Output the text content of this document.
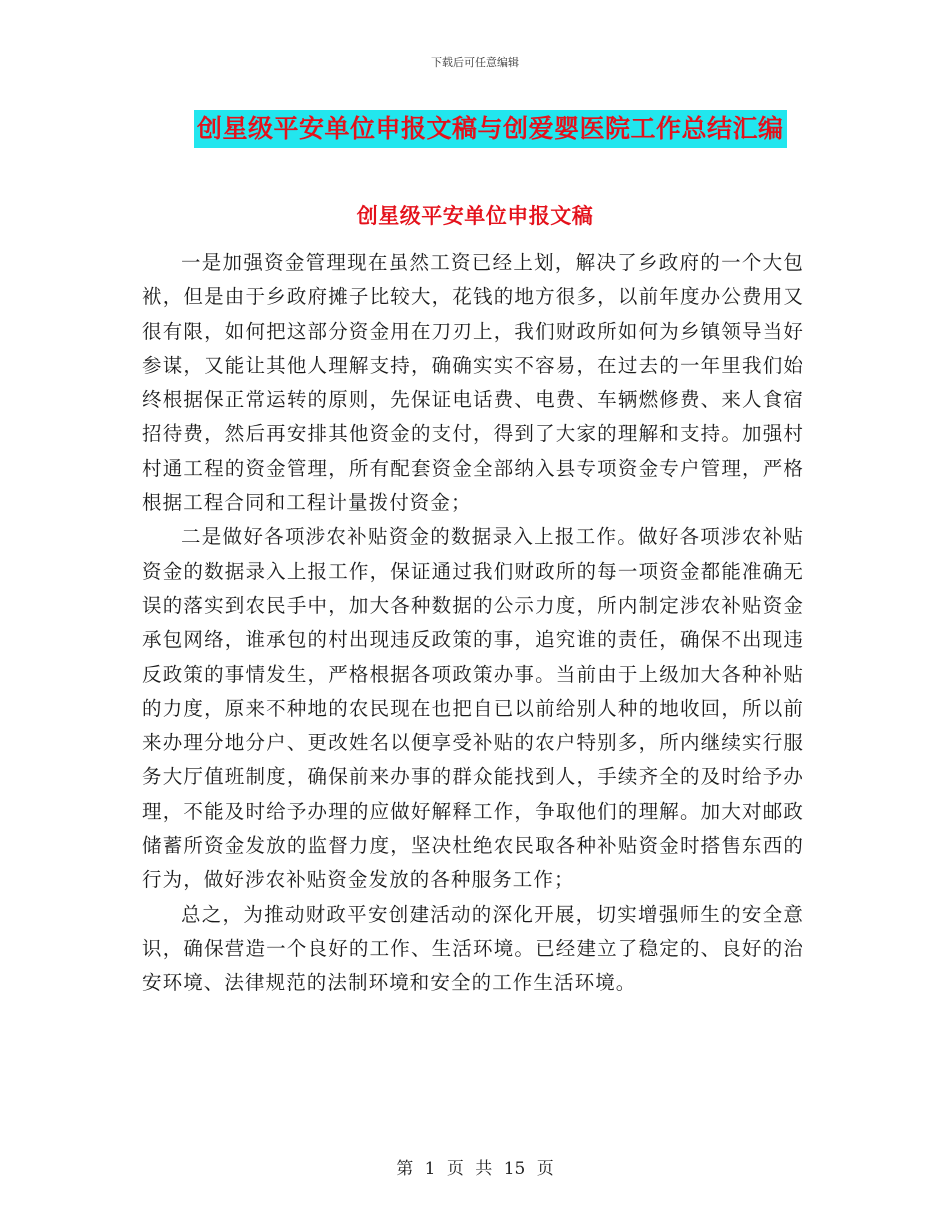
下载后可任意编辑
创星级平安单位申报文稿与创爱婴医院工作总结汇编
创星级平安单位申报文稿

一是加强资金管理现在虽然工资已经上划，解决了乡政府的一个大包袱，但是由于乡政府摊子比较大，花钱的地方很多，以前年度办公费用又很有限，如何把这部分资金用在刀刃上，我们财政所如何为乡镇领导当好参谋，又能让其他人理解支持，确确实实不容易，在过去的一年里我们始终根据保正常运转的原则，先保证电话费、电费、车辆燃修费、来人食宿招待费，然后再安排其他资金的支付，得到了大家的理解和支持。加强村村通工程的资金管理，所有配套资金全部纳入县专项资金专户管理，严格根据工程合同和工程计量拨付资金；

二是做好各项涉农补贴资金的数据录入上报工作。做好各项涉农补贴资金的数据录入上报工作，保证通过我们财政所的每一项资金都能准确无误的落实到农民手中，加大各种数据的公示力度，所内制定涉农补贴资金承包网络，谁承包的村出现违反政策的事，追究谁的责任，确保不出现违反政策的事情发生，严格根据各项政策办事。当前由于上级加大各种补贴的力度，原来不种地的农民现在也把自已以前给别人种的地收回，所以前来办理分地分户、更改姓名以便享受补贴的农户特别多，所内继续实行服务大厅值班制度，确保前来办事的群众能找到人，手续齐全的及时给予办理，不能及时给予办理的应做好解释工作，争取他们的理解。加大对邮政储蓄所资金发放的监督力度，坚决杜绝农民取各种补贴资金时搭售东西的行为，做好涉农补贴资金发放的各种服务工作；

总之，为推动财政平安创建活动的深化开展，切实增强师生的安全意识，确保营造一个良好的工作、生活环境。已经建立了稳定的、良好的治安环境、法律规范的法制环境和安全的工作生活环境。

第 1 页 共 15 页
